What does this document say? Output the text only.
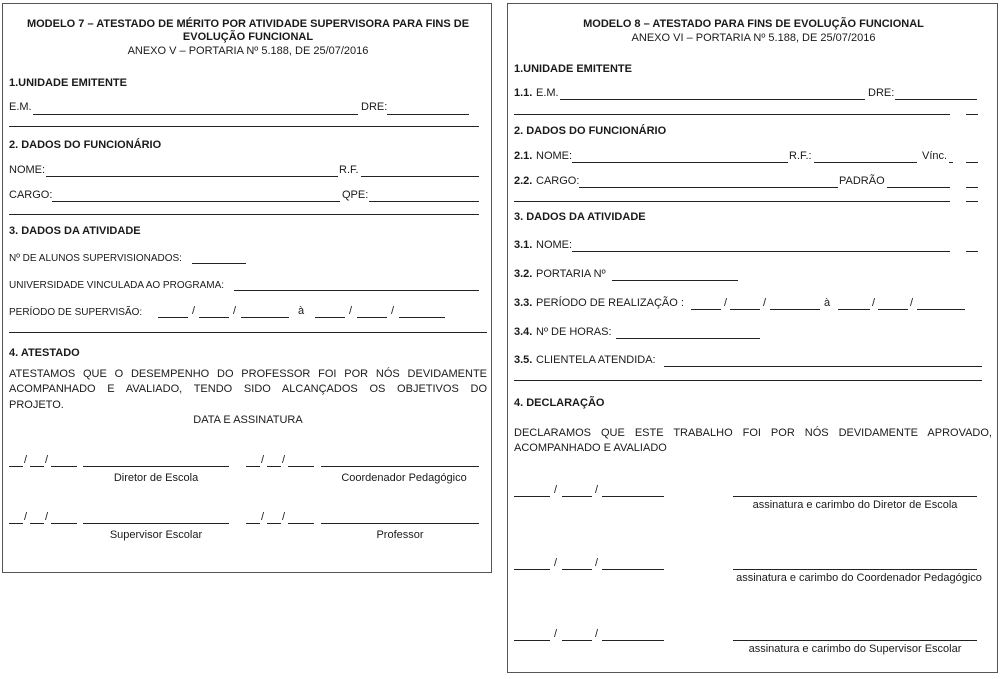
MODELO 7 – ATESTADO DE MÉRITO POR ATIVIDADE SUPERVISORA PARA FINS DE
EVOLUÇÃO FUNCIONAL
ANEXO V – PORTARIA Nº 5.188, DE 25/07/2016
1.UNIDADE EMITENTE
E.M.	DRE:
2. DADOS DO FUNCIONÁRIO
NOME:	R.F.
CARGO:	QPE:
3. DADOS DA ATIVIDADE
Nº DE ALUNOS SUPERVISIONADOS:
UNIVERSIDADE VINCULADA AO PROGRAMA:
PERÍODO DE SUPERVISÃO:	/	/	à	/	/
4. ATESTADO
ATESTAMOS QUE O DESEMPENHO DO PROFESSOR FOI POR NÓS DEVIDAMENTE
ACOMPANHADO E AVALIADO, TENDO SIDO ALCANÇADOS OS OBJETIVOS DO
PROJETO.
DATA E ASSINATURA
/ /
Diretor de Escola
/ /
Coordenador Pedagógico
/ /
Supervisor Escolar
/ /
Professor
MODELO 8 – ATESTADO PARA FINS DE EVOLUÇÃO FUNCIONAL
ANEXO VI – PORTARIA Nº 5.188, DE 25/07/2016
1.UNIDADE EMITENTE
1.1. E.M.	DRE:
2. DADOS DO FUNCIONÁRIO
2.1. NOME:	R.F.:	Vínc.
2.2. CARGO:	PADRÃO
3. DADOS DA ATIVIDADE
3.1. NOME:
3.2. PORTARIA Nº
3.3. PERÍODO DE REALIZAÇÃO :	/	/	à	/	/
3.4. Nº DE HORAS:
3.5. CLIENTELA ATENDIDA:
4. DECLARAÇÃO
DECLARAMOS QUE ESTE TRABALHO FOI POR NÓS DEVIDAMENTE APROVADO,
ACOMPANHADO E AVALIADO
/	/
assinatura e carimbo do Diretor de Escola
/	/
assinatura e carimbo do Coordenador Pedagógico
/	/
assinatura e carimbo do Supervisor Escolar
